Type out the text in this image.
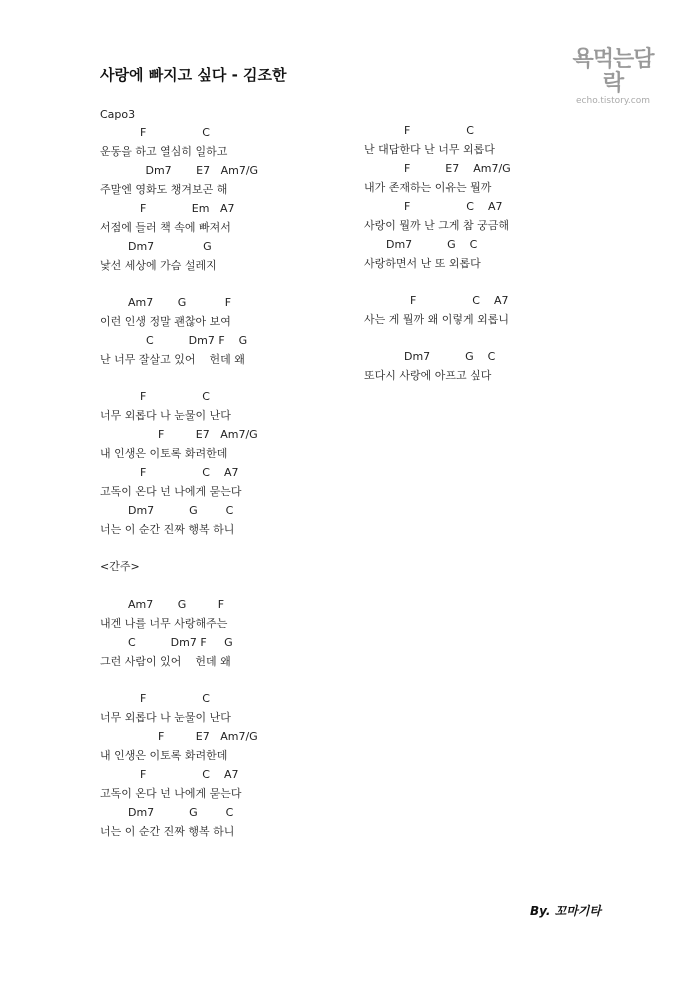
사랑에 빠지고 싶다 - 김조한
욕먹는담락
echo.tistory.com
Capo3
F                C
운동을 하고 열심히 일하고
Dm7       E7   Am7/G
주말엔 영화도 챙겨보곤 해
F             Em   A7
서점에 들러 책 속에 빠져서
Dm7              G
낯선 세상에 가슴 설레지
Am7       G           F
이런 인생 정말 괜찮아 보여
C          Dm7 F    G
난 너무 잘살고 있어    헌데 왜
F                C
너무 외롭다 나 눈물이 난다
F         E7   Am7/G
내 인생은 이토록 화려한데
F                C    A7
고독이 온다 넌 나에게 묻는다
Dm7          G        C
너는 이 순간 진짜 행복 하니
<간주>
Am7       G         F
내겐 나를 너무 사랑해주는
C          Dm7 F     G
그런 사람이 있어    헌데 왜
F                C
너무 외롭다 나 눈물이 난다
F         E7   Am7/G
내 인생은 이토록 화려한데
F                C    A7
고독이 온다 넌 나에게 묻는다
Dm7          G        C
너는 이 순간 진짜 행복 하니
F                C
난 대답한다 난 너무 외롭다
F          E7    Am7/G
내가 존재하는 이유는 뭘까
F                C    A7
사랑이 뭘까 난 그게 참 궁금해
Dm7          G    C
사랑하면서 난 또 외롭다
F                C    A7
사는 게 뭘까 왜 이렇게 외롭니
Dm7          G    C
또다시 사랑에 아프고 싶다
By. 꼬마기타
